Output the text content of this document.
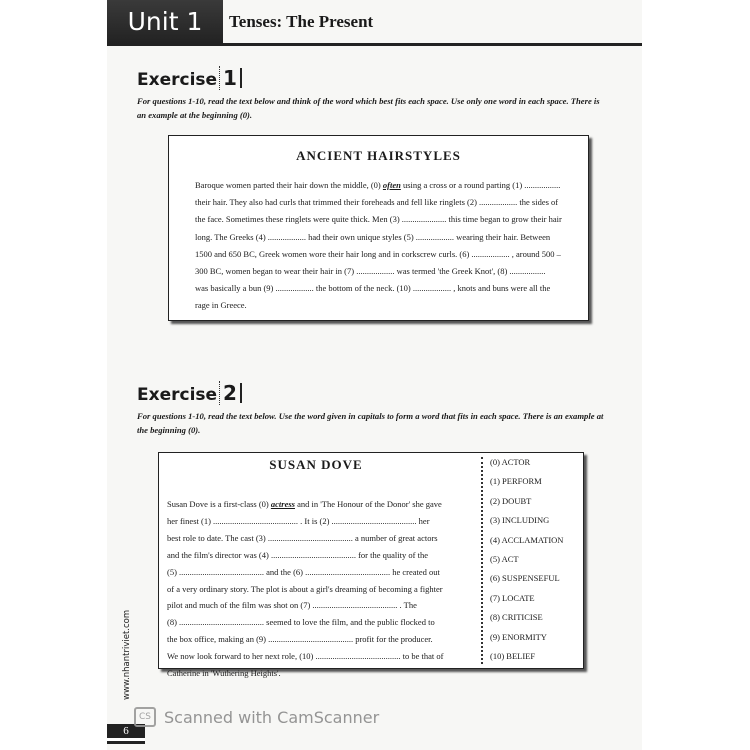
Unit 1	Tenses: The Present
Exercise 1
For questions 1-10, read the text below and think of the word which best fits each space. Use only one word in each space. There is an example at the beginning (0).
ANCIENT HAIRSTYLES
Baroque women parted their hair down the middle, (0) often using a cross or a round parting (1) .................
their hair. They also had curls that trimmed their foreheads and fell like ringlets (2) .................. the sides of
the face. Sometimes these ringlets were quite thick. Men (3) ..................... this time began to grow their hair
long. The Greeks (4) .................. had their own unique styles (5) .................. wearing their hair. Between
1500 and 650 BC, Greek women wore their hair long and in corkscrew curls. (6) .................. , around 500 –
300 BC, women began to wear their hair in (7) .................. was termed 'the Greek Knot', (8) .................
was basically a bun (9) .................. the bottom of the neck. (10) .................. , knots and buns were all the
rage in Greece.
Exercise 2
For questions 1-10, read the text below. Use the word given in capitals to form a word that fits in each space. There is an example at the beginning (0).
SUSAN DOVE
Susan Dove is a first-class (0) actress and in 'The Honour of the Donor' she gave
her finest (1) ........................................ . It is (2) ........................................ her
best role to date. The cast (3) ........................................ a number of great actors
and the film's director was (4) ........................................ for the quality of the
(5) ........................................ and the (6) ........................................ he created out
of a very ordinary story. The plot is about a girl's dreaming of becoming a fighter
pilot and much of the film was shot on (7) ........................................ . The
(8) ........................................ seemed to love the film, and the public flocked to
the box office, making an (9) ........................................ profit for the producer.
We now look forward to her next role, (10) ........................................ to be that of
Catherine in 'Wuthering Heights'.
(0) ACTOR
(1) PERFORM
(2) DOUBT
(3) INCLUDING
(4) ACCLAMATION
(5) ACT
(6) SUSPENSEFUL
(7) LOCATE
(8) CRITICISE
(9) ENORMITY
(10) BELIEF
www.nhantriviet.com
6
CS Scanned with CamScanner
